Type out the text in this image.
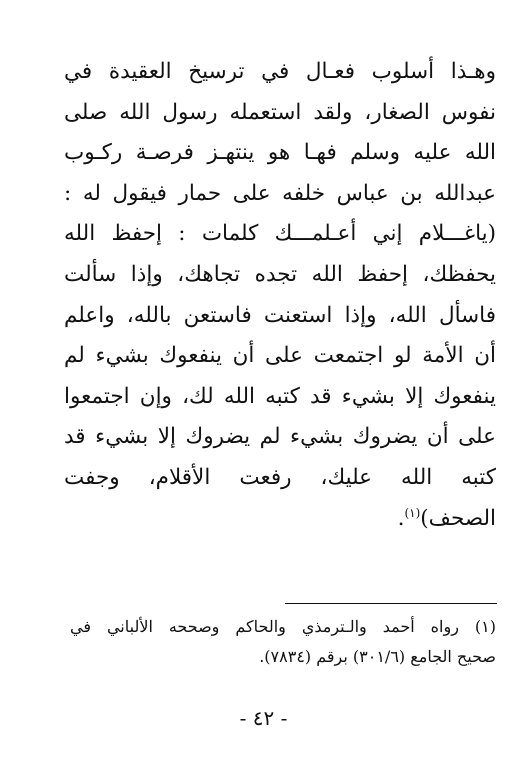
وهـذا أسلوب فعـال في ترسيخ العقيدة في
نفوس الصغار، ولقد استعمله رسول الله صلى
الله عليه وسلم فهـا هو ينتهـز فرصـة ركـوب
عبدالله بن عباس خلفه على حمار فيقول له :
(ياغـــلام إني أعـلمـــك كلمات : إحفظ الله
يحفظك، إحفظ الله تجده تجاهك، وإذا سألت
فاسأل الله، وإذا استعنت فاستعن بالله، واعلم
أن الأمة لو اجتمعت على أن ينفعوك بشيء لم
ينفعوك إلا بشيء قد كتبه الله لك، وإن اجتمعوا
على أن يضروك بشيء لم يضروك إلا بشيء قد
كتبه الله عليك، رفعت الأقلام، وجفت
الصحف)$^{(١)}$.
(١) رواه أحمد والـترمذي والحاكم وصححه الألباني في
صحيح الجامع (٣٠١/٦) برقم (٧٨٣٤).
- ٤٢ -
